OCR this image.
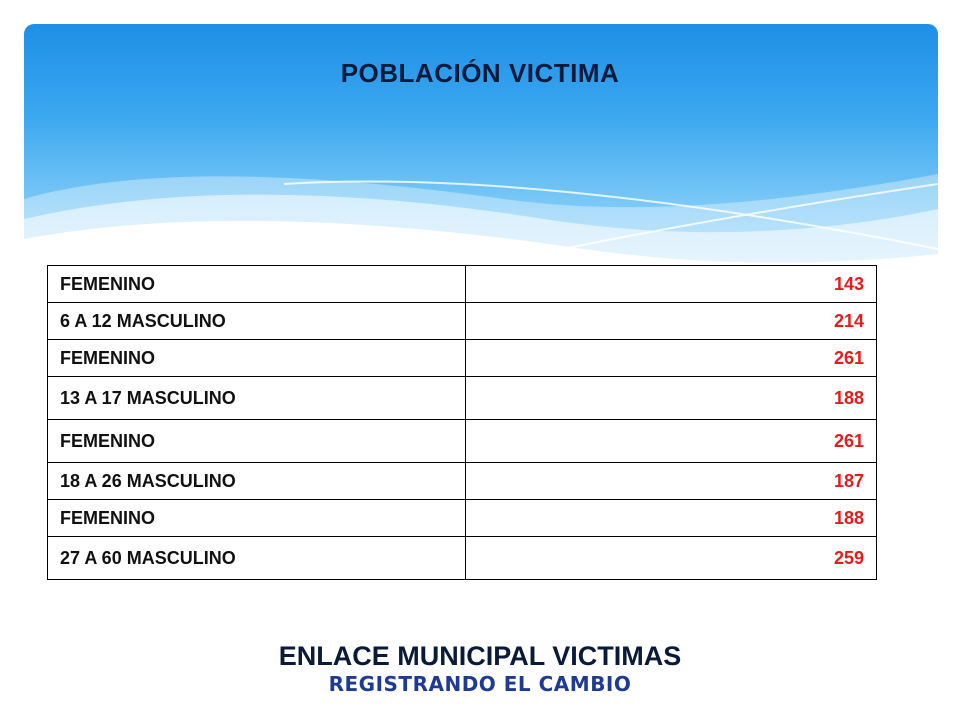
POBLACIÓN VICTIMA
FEMENINO	143
6 A 12 MASCULINO	214
FEMENINO	261
13 A 17 MASCULINO	188
FEMENINO	261
18 A 26 MASCULINO	187
FEMENINO	188
27 A 60 MASCULINO	259
ENLACE MUNICIPAL VICTIMAS
REGISTRANDO EL CAMBIO
